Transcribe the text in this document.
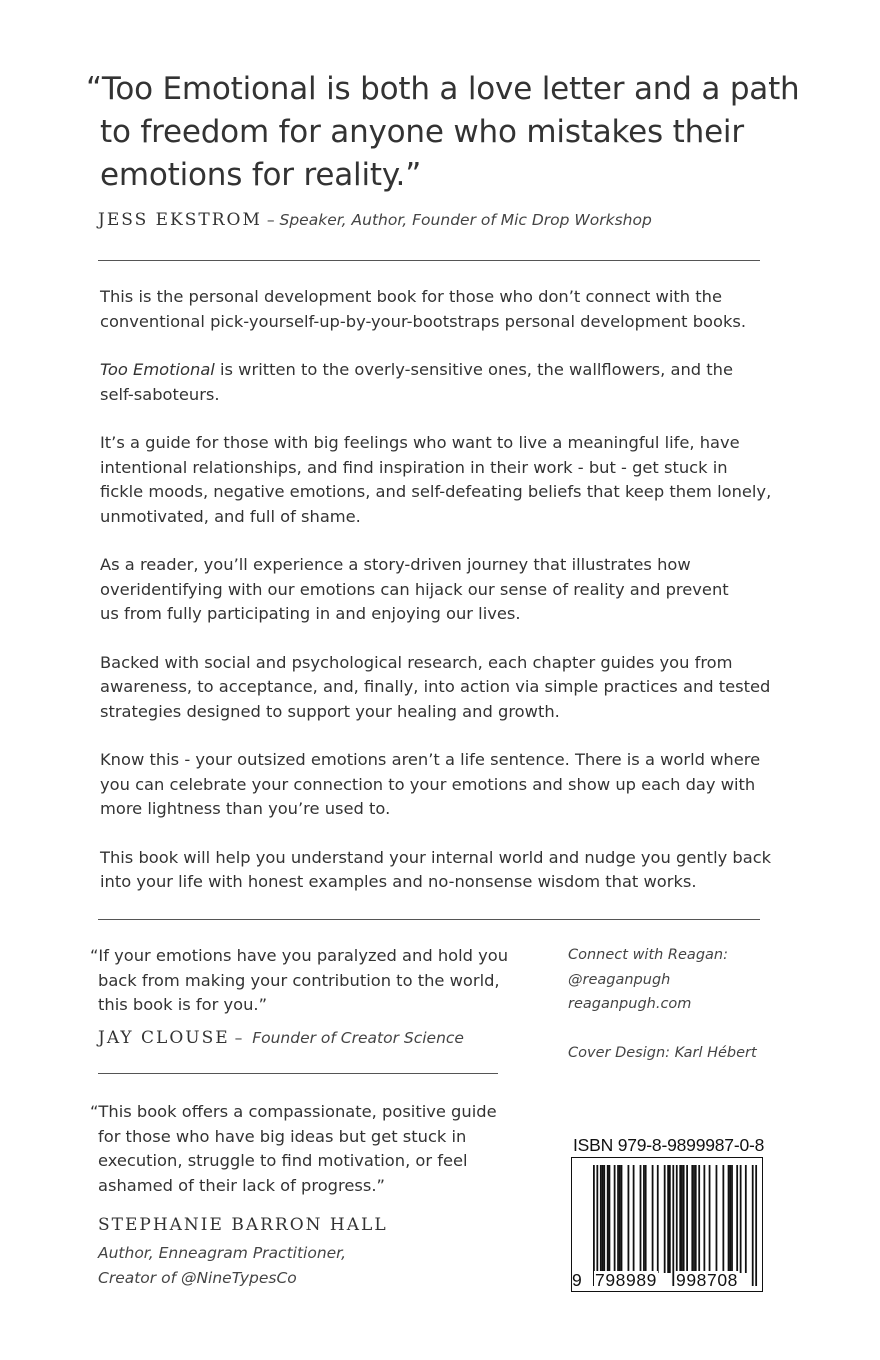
“Too Emotional is both a love letter and a path
to freedom for anyone who mistakes their
emotions for reality.”
JESS EKSTROM – Speaker, Author, Founder of Mic Drop Workshop

This is the personal development book for those who don’t connect with the
conventional pick-yourself-up-by-your-bootstraps personal development books.

Too Emotional is written to the overly-sensitive ones, the wallflowers, and the
self-saboteurs.

It’s a guide for those with big feelings who want to live a meaningful life, have
intentional relationships, and find inspiration in their work - but - get stuck in
fickle moods, negative emotions, and self-defeating beliefs that keep them lonely,
unmotivated, and full of shame.

As a reader, you’ll experience a story-driven journey that illustrates how
overidentifying with our emotions can hijack our sense of reality and prevent
us from fully participating in and enjoying our lives.

Backed with social and psychological research, each chapter guides you from
awareness, to acceptance, and, finally, into action via simple practices and tested
strategies designed to support your healing and growth.

Know this - your outsized emotions aren’t a life sentence. There is a world where
you can celebrate your connection to your emotions and show up each day with
more lightness than you’re used to.

This book will help you understand your internal world and nudge you gently back
into your life with honest examples and no-nonsense wisdom that works.

“If your emotions have you paralyzed and hold you
back from making your contribution to the world,
this book is for you.”
JAY CLOUSE – Founder of Creator Science
“This book offers a compassionate, positive guide
for those who have big ideas but get stuck in
execution, struggle to find motivation, or feel
ashamed of their lack of progress.”
STEPHANIE BARRON HALL
Author, Enneagram Practitioner,
Creator of @NineTypesCo
Connect with Reagan:
@reaganpugh
reaganpugh.com
Cover Design: Karl Hébert
ISBN 979-8-9899987-0-8
9 798989 998708
